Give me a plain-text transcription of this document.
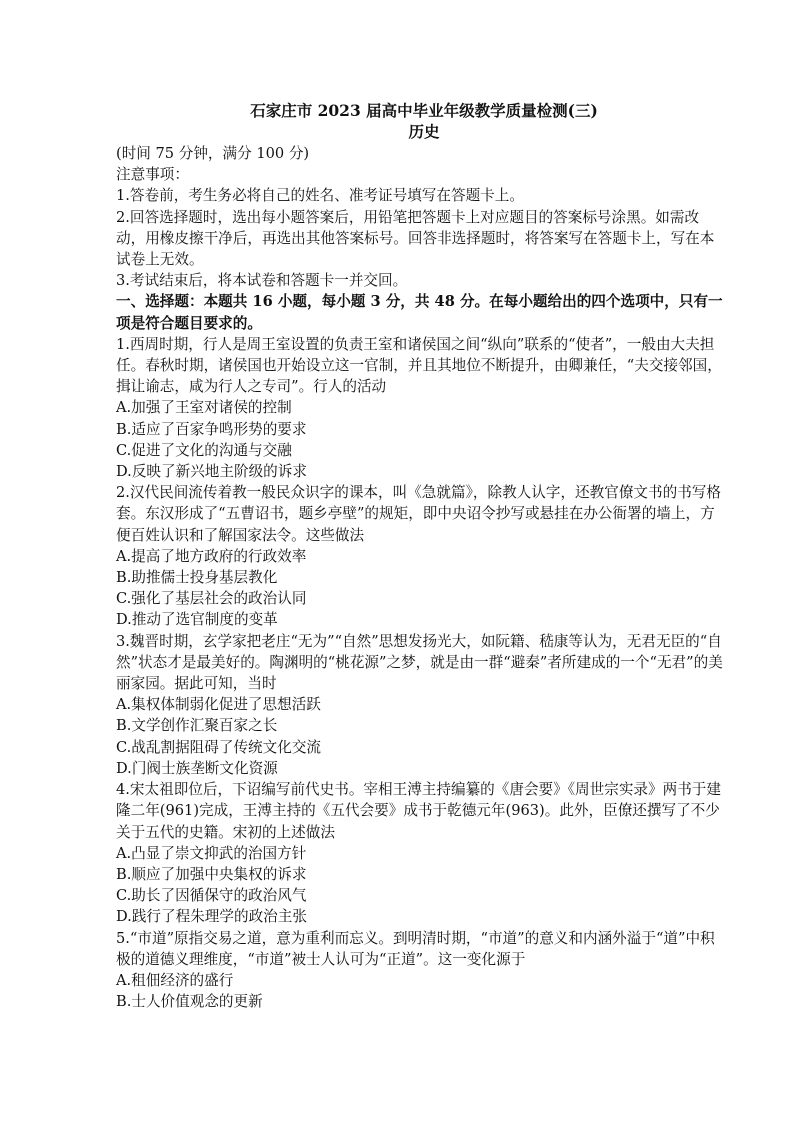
石家庄市 2023 届高中毕业年级教学质量检测(三)

历史

(时间 75 分钟，满分 100 分)

注意事项：

1.答卷前，考生务必将自己的姓名、准考证号填写在答题卡上。

2.回答选择题时，选出每小题答案后，用铅笔把答题卡上对应题目的答案标号涂黑。如需改动，用橡皮擦干净后，再选出其他答案标号。回答非选择题时，将答案写在答题卡上，写在本试卷上无效。

3.考试结束后，将本试卷和答题卡一并交回。

一、选择题：本题共 16 小题，每小题 3 分，共 48 分。在每小题给出的四个选项中，只有一项是符合题目要求的。

1.西周时期，行人是周王室设置的负责王室和诸侯国之间“纵向”联系的“使者”，一般由大夫担任。春秋时期，诸侯国也开始设立这一官制，并且其地位不断提升，由卿兼任，“夫交接邻国，揖让谕志，咸为行人之专司”。行人的活动

A.加强了王室对诸侯的控制

B.适应了百家争鸣形势的要求

C.促进了文化的沟通与交融

D.反映了新兴地主阶级的诉求

2.汉代民间流传着教一般民众识字的课本，叫《急就篇》，除教人认字，还教官僚文书的书写格套。东汉形成了“五曹诏书，题乡亭壁”的规矩，即中央诏令抄写或悬挂在办公衙署的墙上，方便百姓认识和了解国家法令。这些做法

A.提高了地方政府的行政效率

B.助推儒士投身基层教化

C.强化了基层社会的政治认同

D.推动了选官制度的变革

3.魏晋时期，玄学家把老庄“无为”“自然”思想发扬光大，如阮籍、嵇康等认为，无君无臣的“自然”状态才是最美好的。陶渊明的“桃花源”之梦，就是由一群“避秦”者所建成的一个“无君”的美丽家园。据此可知，当时

A.集权体制弱化促进了思想活跃

B.文学创作汇聚百家之长

C.战乱割据阻碍了传统文化交流

D.门阀士族垄断文化资源

4.宋太祖即位后，下诏编写前代史书。宰相王溥主持编纂的《唐会要》《周世宗实录》两书于建隆二年(961)完成，王溥主持的《五代会要》成书于乾德元年(963)。此外，臣僚还撰写了不少关于五代的史籍。宋初的上述做法

A.凸显了崇文抑武的治国方针

B.顺应了加强中央集权的诉求

C.助长了因循保守的政治风气

D.践行了程朱理学的政治主张

5.“市道”原指交易之道，意为重利而忘义。到明清时期，“市道”的意义和内涵外溢于“道”中积极的道德义理维度，“市道”被士人认可为“正道”。这一变化源于

A.租佃经济的盛行

B.士人价值观念的更新
